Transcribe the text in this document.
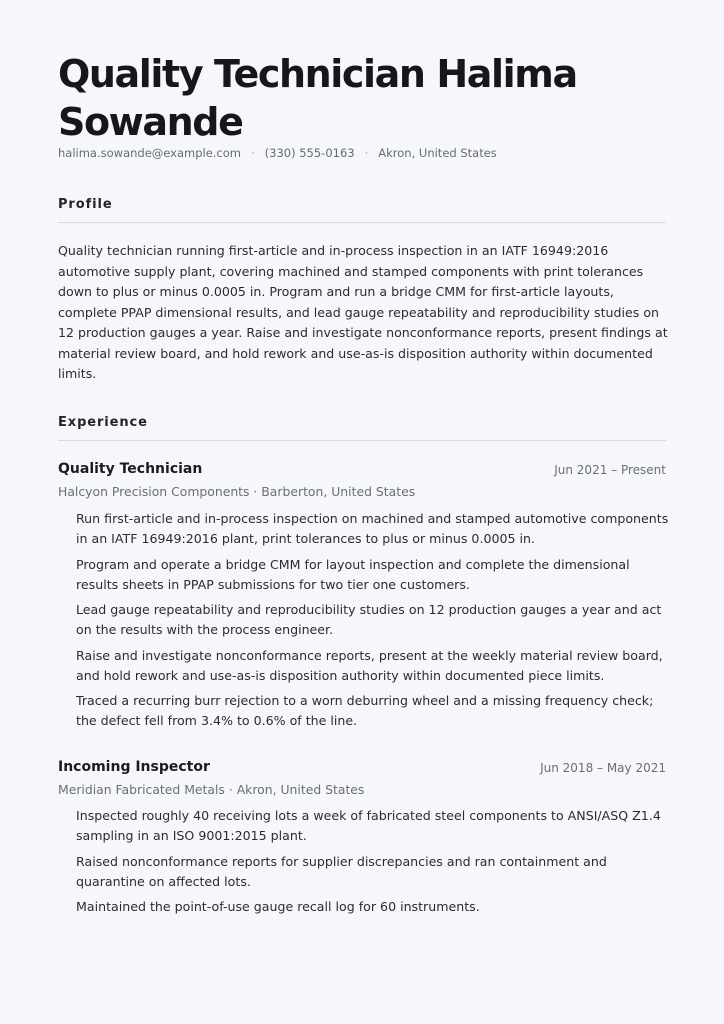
Quality Technician Halima Sowande
halima.sowande@example.com · (330) 555-0163 · Akron, United States
Profile

Quality technician running first-article and in-process inspection in an IATF 16949:2016 automotive supply plant, covering machined and stamped components with print tolerances down to plus or minus 0.0005 in. Program and run a bridge CMM for first-article layouts, complete PPAP dimensional results, and lead gauge repeatability and reproducibility studies on 12 production gauges a year. Raise and investigate nonconformance reports, present findings at material review board, and hold rework and use-as-is disposition authority within documented limits.

Experience
Quality Technician	Jun 2021 – Present
Halcyon Precision Components · Barberton, United States
Run first-article and in-process inspection on machined and stamped automotive components in an IATF 16949:2016 plant, print tolerances to plus or minus 0.0005 in.
Program and operate a bridge CMM for layout inspection and complete the dimensional results sheets in PPAP submissions for two tier one customers.
Lead gauge repeatability and reproducibility studies on 12 production gauges a year and act on the results with the process engineer.
Raise and investigate nonconformance reports, present at the weekly material review board, and hold rework and use-as-is disposition authority within documented piece limits.
Traced a recurring burr rejection to a worn deburring wheel and a missing frequency check; the defect fell from 3.4% to 0.6% of the line.
Incoming Inspector	Jun 2018 – May 2021
Meridian Fabricated Metals · Akron, United States
Inspected roughly 40 receiving lots a week of fabricated steel components to ANSI/ASQ Z1.4 sampling in an ISO 9001:2015 plant.
Raised nonconformance reports for supplier discrepancies and ran containment and quarantine on affected lots.
Maintained the point-of-use gauge recall log for 60 instruments.
